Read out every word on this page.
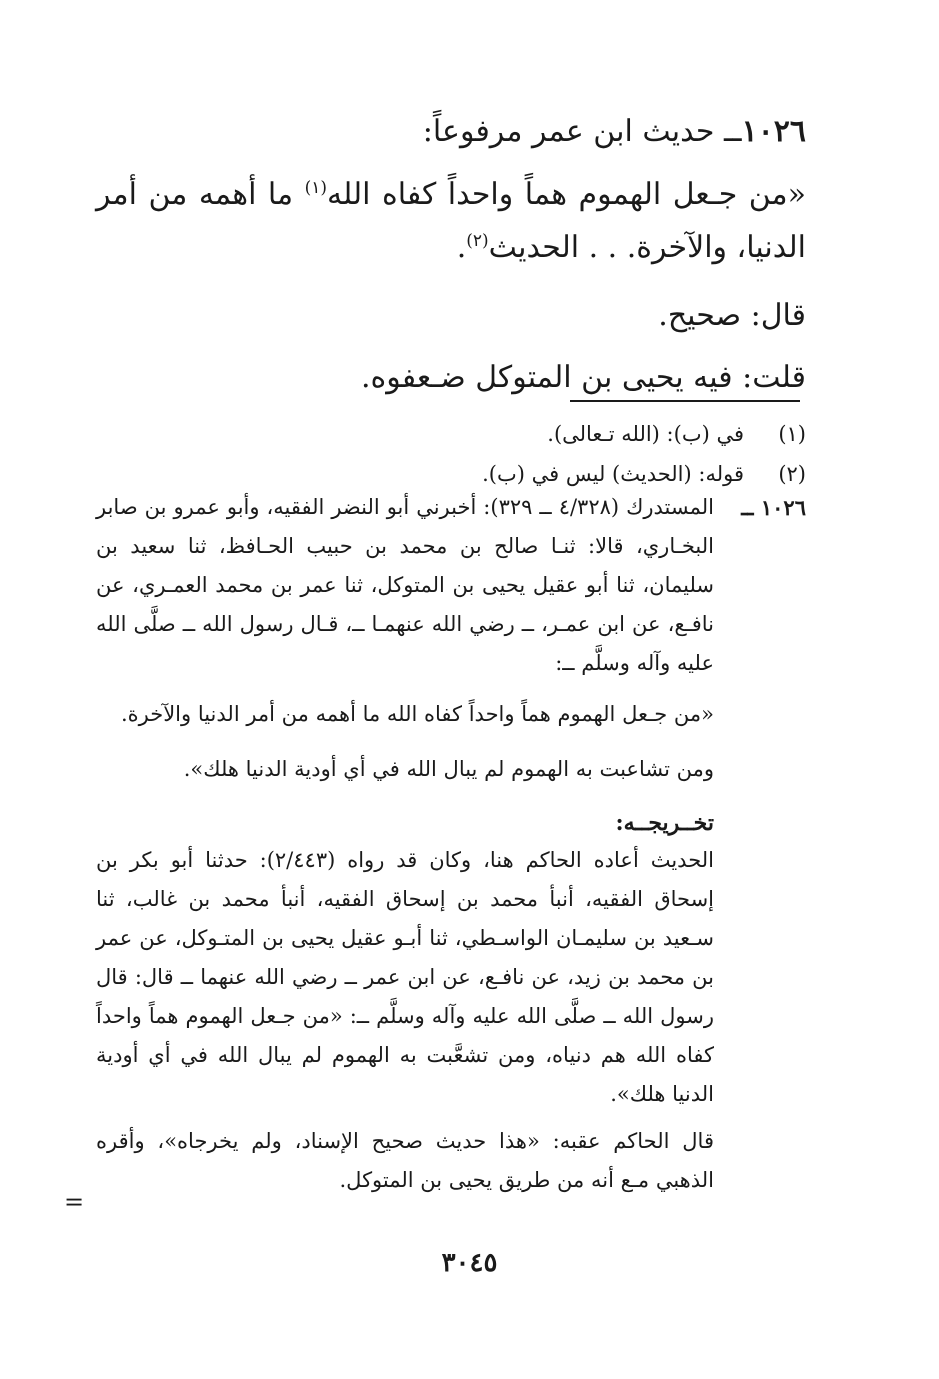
١٠٢٦ــ حديث ابن عمر مرفوعاً:

«من جـعل الهموم هماً واحداً كفاه الله$^{(١)}$ ما أهمه من أمر الدنيا، والآخرة. . . الحديث$^{(٢)}$.

قال: صحيح.

قلت: فيه يحيى بن المتوكل ضـعفوه.

(١)
في (ب): (الله تـعالى).
(٢)
قوله: (الحديث) ليس في (ب).
١٠٢٦ ــ
المستدرك (٤/٣٢٨ ــ ٣٢٩): أخبرني أبو النضر الفقيه، وأبو عمرو بن صابر البخـاري، قالا: ثنـا صالح بن محمد بن حبيب الحـافظ، ثنا سعيد بن سليمان، ثنا أبو عقيل يحيى بن المتوكل، ثنا عمر بن محمد العمـري، عن نافـع، عن ابن عمـر، ــ رضي الله عنهمـا ــ، قـال رسول الله ــ صلَّى الله عليه وآله وسلَّم ــ:

«من جـعل الهموم هماً واحداً كفاه الله ما أهمه من أمر الدنيا والآخرة.

ومن تشاعبت به الهموم لم يبال الله في أي أودية الدنيا هلك».

تخــريجــه:

الحديث أعاده الحاكم هنا، وكان قد رواه (٢/٤٤٣): حدثنا أبو بكر بن إسحاق الفقيه، أنبأ محمد بن إسحاق الفقيه، أنبأ محمد بن غالب، ثنا سـعيد بن سليمـان الواسـطي، ثنا أبـو عقيل يحيى بن المتـوكل، عن عمر بن محمد بن زيد، عن نافـع، عن ابن عمر ــ رضي الله عنهما ــ قال: قال رسول الله ــ صلَّى الله عليه وآله وسلَّم ــ: «من جـعل الهموم هماً واحداً كفاه الله هم دنياه، ومن تشعَّبت به الهموم لم يبال الله في أي أودية الدنيا هلك».

قال الحاكم عقبه: «هذا حديث صحيح الإسناد، ولم يخرجاه»، وأقره الذهبي مـع أنه من طريق يحيى بن المتوكل.

=
٣٠٤٥
